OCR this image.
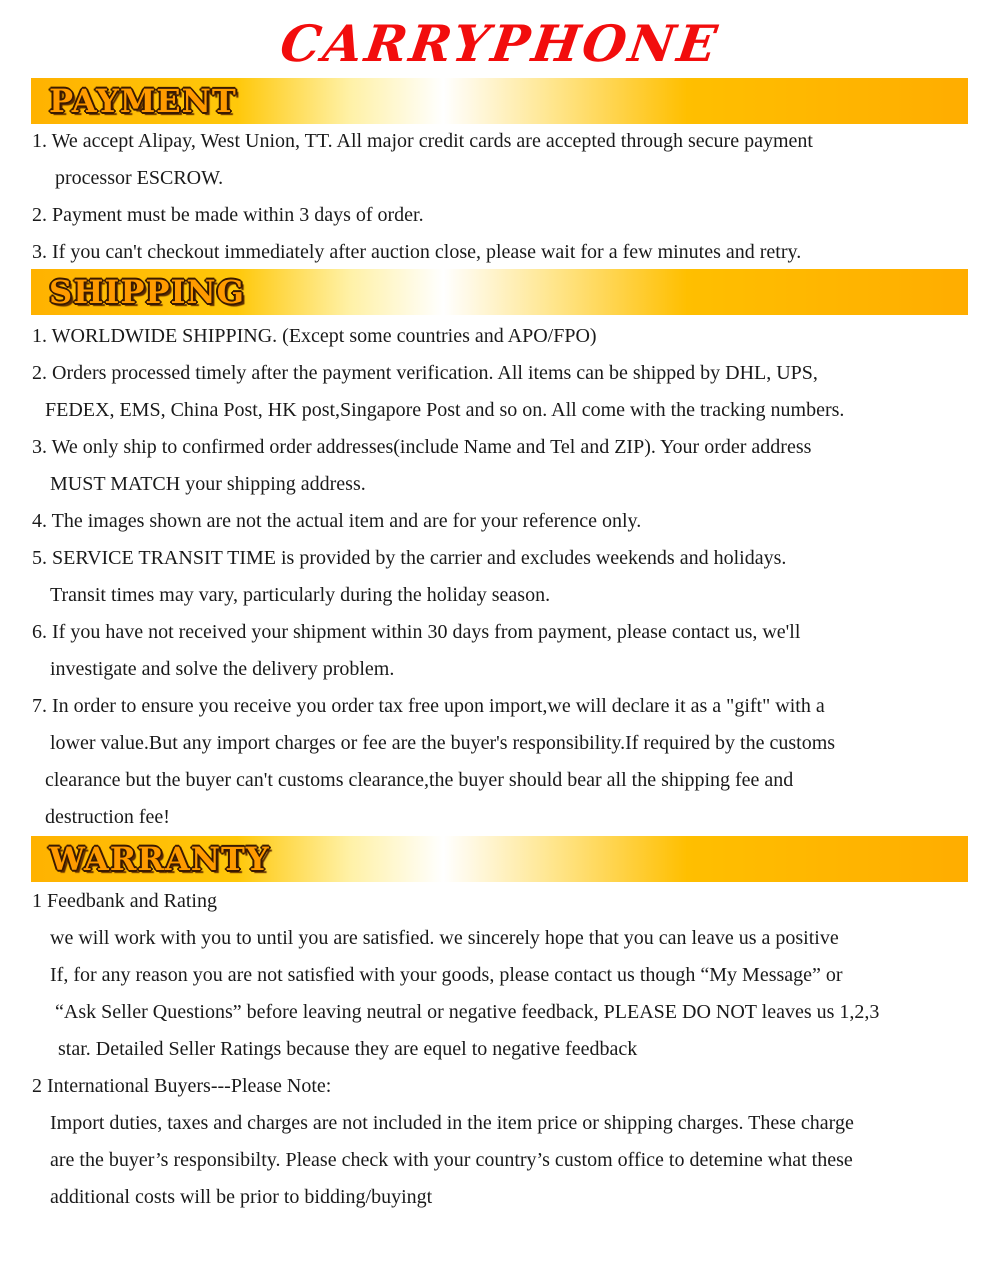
CARRYPHONE
PAYMENT
1. We accept Alipay, West Union, TT. All major credit cards are accepted through secure payment
processor ESCROW.
2. Payment must be made within 3 days of order.
3. If you can't checkout immediately after auction close, please wait for a few minutes and retry.
SHIPPING
1. WORLDWIDE SHIPPING. (Except some countries and APO/FPO)
2. Orders processed timely after the payment verification. All items can be shipped by DHL, UPS,
FEDEX, EMS, China Post, HK post,Singapore Post and so on. All come with the tracking numbers.
3. We only ship to confirmed order addresses(include Name and Tel and ZIP). Your order address
MUST MATCH your shipping address.
4. The images shown are not the actual item and are for your reference only.
5. SERVICE TRANSIT TIME is provided by the carrier and excludes weekends and holidays.
Transit times may vary, particularly during the holiday season.
6. If you have not received your shipment within 30 days from payment, please contact us, we'll
investigate and solve the delivery problem.
7. In order to ensure you receive you order tax free upon import,we will declare it as a "gift" with a
lower value.But any import charges or fee are the buyer's responsibility.If required by the customs
clearance but the buyer can't customs clearance,the buyer should bear all the shipping fee and
destruction fee!
WARRANTY
1 Feedbank and Rating
we will work with you to until you are satisfied. we sincerely hope that you can leave us a positive
If, for any reason you are not satisfied with your goods, please contact us though “My Message” or
“Ask Seller Questions” before leaving neutral or negative feedback, PLEASE DO NOT leaves us 1,2,3
star. Detailed Seller Ratings because they are equel to negative feedback
2 International Buyers---Please Note:
Import duties, taxes and charges are not included in the item price or shipping charges. These charge
are the buyer’s responsibilty. Please check with your country’s custom office to detemine what these
additional costs will be prior to bidding/buyingt
